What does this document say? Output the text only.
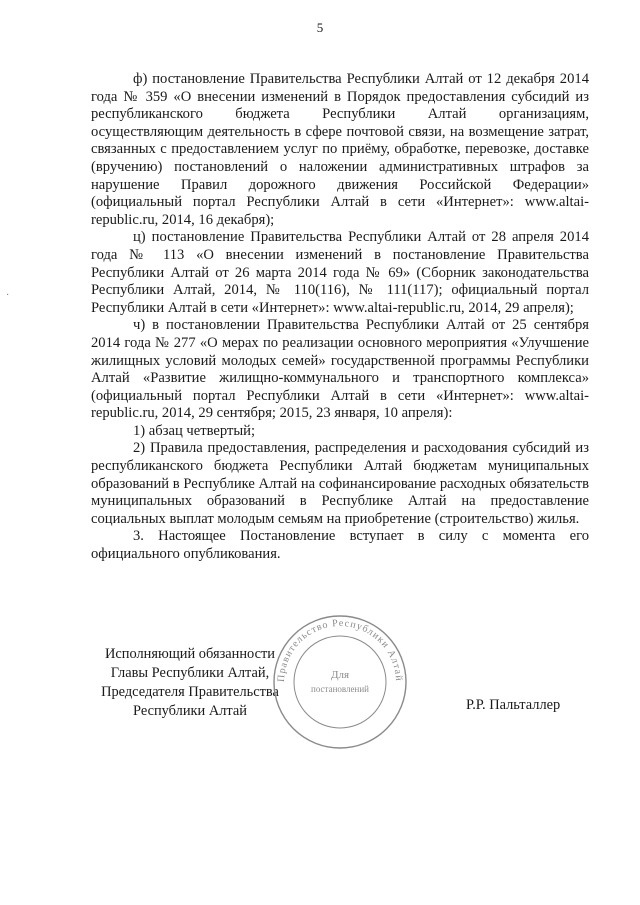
5
·

ф) постановление Правительства Республики Алтай от 12 декабря 2014 года № 359 «О внесении изменений в Порядок предоставления субсидий из республиканского бюджета Республики Алтай организациям, осуществляющим деятельность в сфере почтовой связи, на возмещение затрат, связанных с предоставлением услуг по приёму, обработке, перевозке, доставке (вручению) постановлений о наложении административных штрафов за нарушение Правил дорожного движения Российской Федерации» (официальный портал Республики Алтай в сети «Интернет»: www.altai-republic.ru, 2014, 16 декабря);

ц) постановление Правительства Республики Алтай от 28 апреля 2014 года № 113 «О внесении изменений в постановление Правительства Республики Алтай от 26 марта 2014 года № 69» (Сборник законодательства Республики Алтай, 2014, № 110(116), № 111(117); официальный портал Республики Алтай в сети «Интернет»: www.altai-republic.ru, 2014, 29 апреля);

ч) в постановлении Правительства Республики Алтай от 25 сентября 2014 года № 277 «О мерах по реализации основного мероприятия «Улучшение жилищных условий молодых семей» государственной программы Республики Алтай «Развитие жилищно-коммунального и транспортного комплекса» (официальный портал Республики Алтай в сети «Интернет»: www.altai-republic.ru, 2014, 29 сентября; 2015, 23 января, 10 апреля):

1) абзац четвертый;

2) Правила предоставления, распределения и расходования субсидий из республиканского бюджета Республики Алтай бюджетам муниципальных образований в Республике Алтай на софинансирование расходных обязательств муниципальных образований в Республике Алтай на предоставление социальных выплат молодым семьям на приобретение (строительство) жилья.

3. Настоящее Постановление вступает в силу с момента его официального опубликования.

Исполняющий обязанности
Главы Республики Алтай,
Председателя Правительства
Республики Алтай
Правительство Республики Алтай
Для
постановлений
Р.Р. Пальталлер
